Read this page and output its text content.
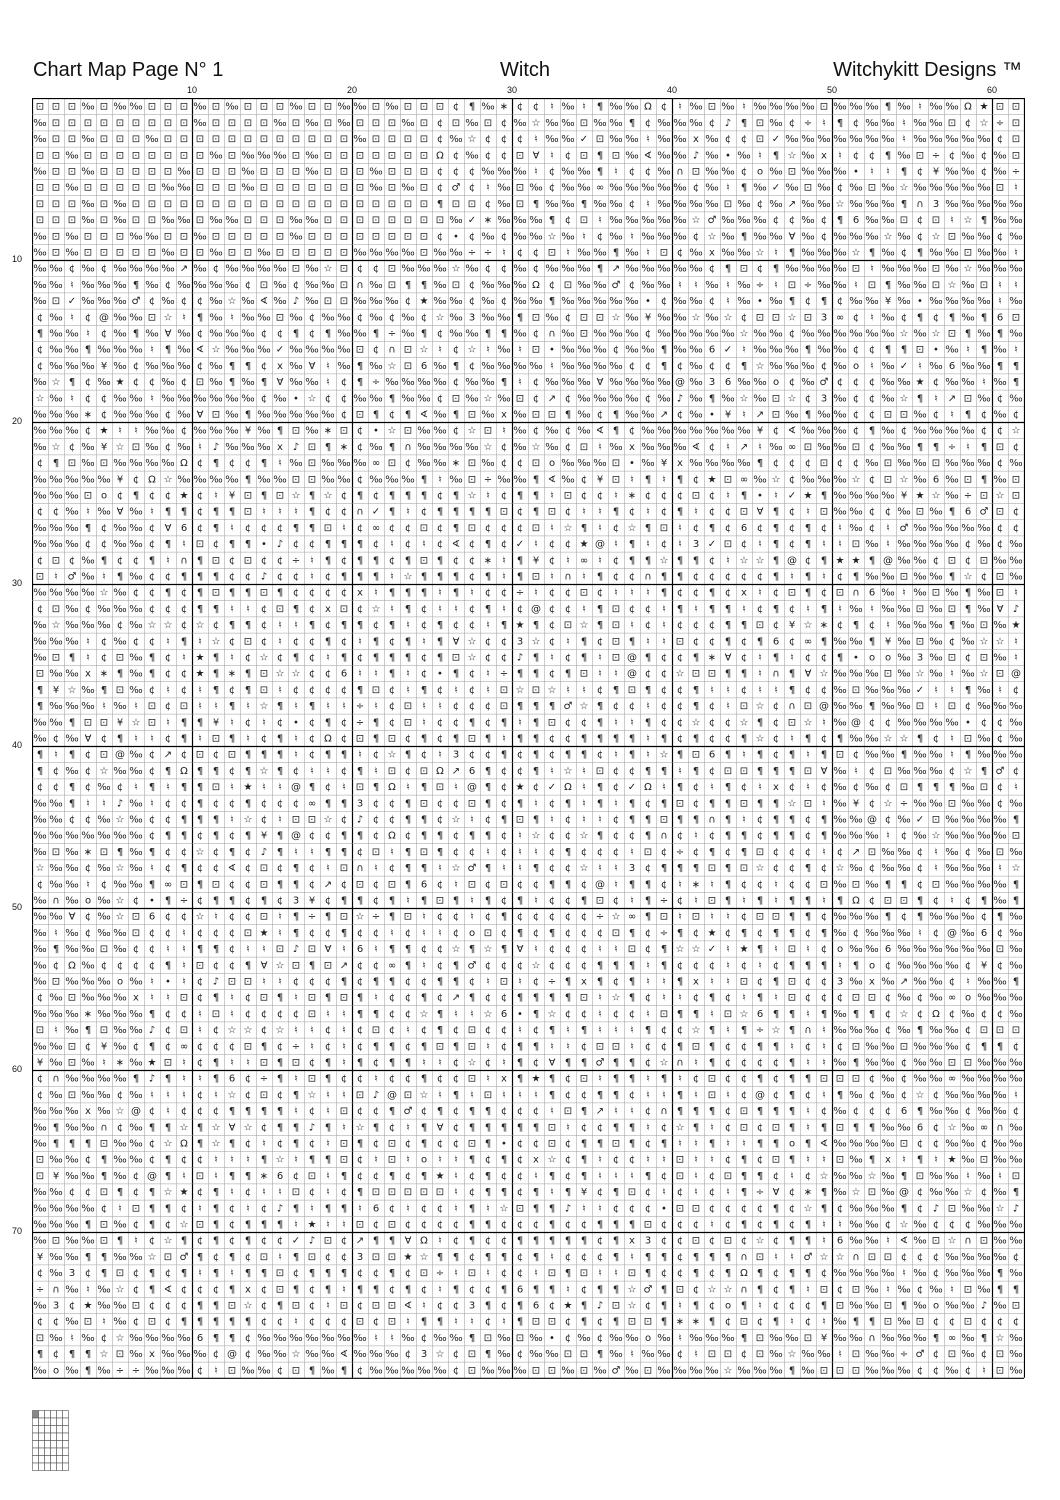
Chart Map Page N° 1	Witch	Witchykitt Designs ™
10	20	30	40	50	60
10
20
30
40
50
60
70
⊡ ⊡ ⊡ ‰ ⊡ ‰ ‰ ⊡ ⊡ ⊡ ‰ ⊡ ‰ ⊡ ⊡ ⊡ ‰ ⊡ ⊡ ‰ ‰ ⊡ ‰ ⊡ ⊡ ⊡ ¢ ¶ ‰ ∗ ¢ ¢ ♮ ‰ ♮ ¶ ‰ ‰ Ω ¢ ♮ ‰ ⊡ ‰ ♮ ‰ ‰ ‰ ‰ ⊡ ‰ ‰ ‰ ¶ ‰ ♮ ‰ ‰ Ω ★ ⊡ ⊡
‰ ⊡ ⊡ ⊡ ⊡ ⊡ ⊡ ⊡ ⊡ ⊡ ‰ ⊡ ⊡ ⊡ ⊡ ‰ ⊡ ‰ ⊡ ‰ ⊡ ⊡ ⊡ ‰ ⊡ ¢ ⊡ ‰ ⊡ ¢ ‰ ☆ ‰ ‰ ⊡ ‰ ‰ ¶ ¢ ‰ ‰ ‰ ¢ ♪ ¶ ⊡ ‰ ¢ ÷ ♮ ¶ ¢ ‰ ‰ ♮ ‰ ‰ ⊡ ¢ ☆ ÷ ⊡
‰ ⊡ ⊡ ‰ ⊡ ⊡ ⊡ ‰ ⊡ ⊡ ⊡ ⊡ ⊡ ⊡ ⊡ ⊡ ⊡ ⊡ ⊡ ⊡ ‰ ⊡ ⊡ ⊡ ⊡ ¢ ‰ ☆ ¢ ¢ ¢ ♮ ‰ ‰ ✓ ⊡ ‰ ‰ ♮ ‰ ‰ x ‰ ¢ ¢ ⊡ ✓ ‰ ‰ ‰ ‰ ‰ ‰ ‰ ♮ ‰ ‰ ‰ ‰ ‰ ¢ ⊡
⊡ ⊡ ‰ ⊡ ⊡ ⊡ ⊡ ⊡ ⊡ ⊡ ⊡ ‰ ⊡ ‰ ‰ ‰ ⊡ ‰ ⊡ ⊡ ⊡ ⊡ ⊡ ⊡ ⊡ Ω ¢ ‰ ¢ ¢ ⊡ Ɐ ♮ ¢ ⊡ ¶ ⊡ ‰ ∢ ‰ ‰ ♪ ‰ • ‰ ♮ ¶ ☆ ‰ x ♮ ¢ ¢ ¶ ‰ ⊡ ÷ ¢ ‰ ¢ ‰ ⊡
‰ ⊡ ⊡ ‰ ⊡ ⊡ ⊡ ⊡ ⊡ ‰ ⊡ ⊡ ⊡ ‰ ⊡ ⊡ ⊡ ‰ ⊡ ⊡ ⊡ ‰ ⊡ ⊡ ⊡ ¢ ¢ ¢ ‰ ‰ ‰ ♮ ¢ ‰ ‰ ¶ ♮ ¢ ¢ ‰ ∩ ⊡ ‰ ‰ ¢ o ‰ ⊡ ‰ ‰ ‰ • ♮ ♮ ¶ ¢ ¥ ‰ ‰ ¢ ‰ ÷
⊡ ⊡ ‰ ⊡ ⊡ ⊡ ⊡ ⊡ ‰ ‰ ⊡ ⊡ ⊡ ‰ ⊡ ⊡ ⊡ ⊡ ⊡ ⊡ ⊡ ‰ ⊡ ‰ ⊡ ¢ ♂ ¢ ♮ ‰ ⊡ ‰ ¢ ‰ ‰ ∞ ‰ ‰ ‰ ‰ ‰ ¢ ‰ ♮ ¶ ‰ ✓ ‰ ⊡ ‰ ¢ ‰ ⊡ ‰ ☆ ‰ ‰ ‰ ‰ ‰ ⊡ ♮
⊡ ⊡ ⊡ ‰ ⊡ ‰ ⊡ ⊡ ⊡ ⊡ ⊡ ⊡ ⊡ ⊡ ⊡ ⊡ ⊡ ⊡ ⊡ ⊡ ⊡ ⊡ ⊡ ⊡ ⊡ ¶ ⊡ ⊡ ¢ ‰ ⊡ ¶ ‰ ‰ ¶ ‰ ‰ ¢ ♮ ‰ ‰ ‰ ‰ ⊡ ‰ ¢ ‰ ↗ ‰ ‰ ☆ ‰ ‰ ‰ ¶ ∩ 3 ‰ ‰ ‰ ‰ ‰
⊡ ⊡ ⊡ ‰ ⊡ ‰ ⊡ ⊡ ‰ ‰ ⊡ ‰ ‰ ⊡ ⊡ ⊡ ‰ ‰ ⊡ ⊡ ⊡ ⊡ ⊡ ⊡ ⊡ ⊡ ‰ ✓ ∗ ‰ ‰ ‰ ¶ ¢ ⊡ ♮ ‰ ‰ ‰ ‰ ‰ ☆ ♂ ‰ ‰ ‰ ¢ ¢ ‰ ¢ ¶ 6 ‰ ‰ ⊡ ¢ ⊡ ♮ ☆ ¶ ‰ ‰
‰ ⊡ ‰ ⊡ ⊡ ⊡ ‰ ‰ ⊡ ⊡ ‰ ⊡ ⊡ ⊡ ⊡ ⊡ ‰ ⊡ ⊡ ⊡ ⊡ ⊡ ⊡ ⊡ ⊡ ¢ • ¢ ‰ ¢ ‰ ‰ ☆ ‰ ♮ ¢ ‰ ♮ ‰ ‰ ‰ ¢ ☆ ‰ ¶ ‰ ‰ Ɐ ‰ ¢ ‰ ‰ ‰ ☆ ‰ ¢ ☆ ⊡ ‰ ‰ ¢ ‰
‰ ⊡ ‰ ⊡ ⊡ ⊡ ⊡ ⊡ ‰ ⊡ ⊡ ‰ ⊡ ⊡ ‰ ⊡ ⊡ ⊡ ⊡ ⊡ ‰ ‰ ‰ ‰ ⊡ ‰ ‰ ÷ ÷ ♮ ¢ ¢ ⊡ ♮ ‰ ‰ ¶ ‰ ♮ ⊡ ¢ ‰ x ‰ ‰ ☆ ♮ ¶ ‰ ‰ ‰ ☆ ¶ ‰ ¢ ¶ ‰ ‰ ⊡ ‰ ‰ ♮
‰ ‰ ¢ ‰ ¢ ‰ ‰ ‰ ‰ ↗ ‰ ¢ ‰ ‰ ‰ ‰ ⊡ ‰ ☆ ⊡ ¢ ¢ ⊡ ‰ ‰ ‰ ☆ ‰ ¢ ¢ ‰ ¢ ‰ ‰ ‰ ¶ ↗ ‰ ‰ ‰ ‰ ‰ ¢ ¶ ⊡ ¢ ¶ ‰ ‰ ‰ ‰ ⊡ ♮ ‰ ‰ ‰ ⊡ ‰ ☆ ‰ ‰ ‰
‰ ‰ ♮ ‰ ‰ ‰ ¶ ‰ ¢ ‰ ‰ ‰ ‰ ¢ ⊡ ‰ ¢ ‰ ‰ ⊡ ∩ ‰ ⊡ ¶ ¶ ‰ ⊡ ¢ ‰ ‰ ‰ Ω ¢ ⊡ ‰ ‰ ♂ ¢ ‰ ‰ ♮ ♮ ‰ ♮ ‰ ÷ ♮ ⊡ ÷ ‰ ‰ ♮ ⊡ ¶ ‰ ‰ ⊡ ☆ ‰ ⊡ ♮ ♮
‰ ⊡ ✓ ‰ ‰ ‰ ♂ ¢ ‰ ¢ ¢ ‰ ☆ ‰ ∢ ‰ ♪ ‰ ⊡ ⊡ ‰ ‰ ‰ ¢ ★ ‰ ‰ ¢ ‰ ¢ ‰ ‰ ¶ ‰ ‰ ‰ ‰ ‰ • ¢ ‰ ‰ ¢ ♮ ‰ • ‰ ¶ ¢ ¶ ¢ ‰ ‰ ¥ ‰ • ‰ ‰ ‰ ‰ ♮ ‰
¢ ‰ ♮ ¢ @ ‰ ‰ ⊡ ☆ ♮ ¶ ‰ ♮ ‰ ‰ ⊡ ‰ ¢ ‰ ‰ ¢ ‰ ¢ ‰ ¢ ☆ ‰ 3 ‰ ‰ ¶ ⊡ ‰ ¢ ⊡ ⊡ ☆ ‰ ¥ ‰ ‰ ☆ ‰ ☆ ¢ ⊡ ⊡ ☆ ⊡ 3 ∞ ¢ ♮ ‰ ¢ ¶ ¢ ¶ ‰ ¶ 6 ⊡
¶ ‰ ‰ ♮ ¢ ‰ ¶ ‰ Ɐ ‰ ¢ ‰ ‰ ‰ ¢ ¢ ¶ ¢ ¶ ‰ ‰ ¶ ÷ ‰ ¶ ¢ ‰ ‰ ¶ ¶ ‰ ¢ ∩ ‰ ⊡ ‰ ‰ ‰ ¢ ‰ ‰ ‰ ‰ ‰ ☆ ‰ ‰ ¢ ‰ ‰ ‰ ‰ ‰ ‰ ☆ ‰ ☆ ⊡ ¶ ‰ ¶ ‰
¢ ‰ ‰ ¶ ‰ ‰ ‰ ♮ ¶ ‰ ∢ ☆ ‰ ‰ ‰ ✓ ‰ ‰ ‰ ‰ ⊡ ¢ ∩ ⊡ ☆ ♮ ¢ ☆ ♮ ‰ ♮ ⊡ • ‰ ‰ ‰ ¢ ‰ ‰ ¶ ‰ ‰ 6 ✓ ♮ ‰ ‰ ‰ ¶ ‰ ‰ ¢ ¢ ¶ ¶ ⊡ • ‰ ♮ ¶ ‰ ♮
¢ ‰ ‰ ‰ ¥ ‰ ¢ ‰ ‰ ‰ ¢ ‰ ¶ ¶ ¢ x ‰ Ɐ ♮ ‰ ¶ ‰ ☆ ⊡ 6 ‰ ¶ ¢ ‰ ‰ ‰ ‰ ♮ ‰ ‰ ‰ ‰ ¢ ¢ ¶ ¢ ‰ ¢ ¢ ¶ ☆ ‰ ‰ ‰ ¢ ‰ o ♮ ‰ ✓ ♮ ‰ 6 ‰ ‰ ¶ ¶
‰ ☆ ¶ ¢ ‰ ★ ¢ ¢ ‰ ¢ ⊡ ‰ ¶ ‰ ¶ Ɐ ‰ ‰ ♮ ¢ ¶ ÷ ‰ ‰ ‰ ‰ ¢ ‰ ‰ ¶ ♮ ¢ ‰ ‰ ‰ Ɐ ‰ ‰ ‰ ‰ @ ‰ 3 6 ‰ ‰ o ¢ ‰ ♂ ¢ ¢ ¢ ‰ ‰ ★ ¢ ‰ ‰ ♮ ‰ ¶
☆ ‰ ♮ ¢ ¢ ‰ ‰ ♮ ‰ ‰ ‰ ‰ ‰ ‰ ¢ ‰ • ☆ ¢ ¢ ‰ ‰ ¶ ‰ ‰ ¢ ⊡ ‰ ☆ ‰ ⊡ ¢ ↗ ¢ ‰ ‰ ‰ ‰ ¢ ‰ ♪ ‰ ¶ ‰ ☆ ‰ ⊡ ☆ ¢ 3 ‰ ¢ ¢ ‰ ☆ ¶ ♮ ↗ ⊡ ‰ ¢ ‰
‰ ‰ ‰ ∗ ¢ ‰ ‰ ‰ ¢ ‰ Ɐ ⊡ ‰ ¶ ‰ ‰ ‰ ‰ ‰ ¢ ⊡ ¶ ¢ ¶ ∢ ‰ ¶ ⊡ ‰ x ‰ ⊡ ⊡ ¶ ‰ ¢ ¶ ‰ ‰ ↗ ¢ ‰ • ¥ ♮ ↗ ⊡ ‰ ¶ ‰ ‰ ¢ ¢ ⊡ ⊡ ‰ ¢ ♮ ¶ ¢ ‰ ¢
‰ ‰ ‰ ¢ ★ ♮ ♮ ‰ ‰ ¢ ‰ ‰ ‰ ¥ ‰ ¶ ⊡ ‰ ∗ ⊡ ¢ • ☆ ⊡ ‰ ‰ ¢ ☆ ⊡ ♮ ‰ ¢ ‰ ¢ ‰ ∢ ¶ ¢ ‰ ‰ ‰ ‰ ‰ ‰ ‰ ¥ ¢ ∢ ‰ ‰ ‰ ¢ ¶ ‰ ¢ ‰ ‰ ‰ ‰ ¢ ¢ ☆
‰ ☆ ¢ ‰ ¥ ☆ ⊡ ‰ ¢ ‰ ♮ ♪ ‰ ‰ ‰ x ♪ ⊡ ¶ ∗ ¢ ‰ ¶ ∩ ‰ ‰ ‰ ‰ ☆ ¢ ‰ ☆ ‰ ¢ ⊡ ♮ ‰ x ‰ ‰ ‰ ∢ ¢ ♮ ↗ ♮ ‰ ∞ ⊡ ‰ ‰ ⊡ ¢ ‰ ‰ ¶ ¶ ÷ ♮ ¶ ⊡ ¢
¢ ¶ ⊡ ‰ ⊡ ‰ ‰ ‰ ‰ Ω ¢ ¶ ¢ ¢ ¶ ♮ ‰ ⊡ ‰ ‰ ‰ ∞ ⊡ ¢ ‰ ‰ ∗ ⊡ ‰ ¢ ¢ ⊡ o ‰ ‰ ‰ ⊡ • ‰ ¥ x ‰ ‰ ‰ ‰ ¶ ¢ ¢ ¢ ⊡ ¢ ¢ ‰ ⊡ ‰ ‰ ⊡ ‰ ‰ ‰ ¢ ‰
‰ ‰ ‰ ‰ ‰ ¥ ¢ Ω ☆ ‰ ‰ ‰ ‰ ¶ ‰ ‰ ⊡ ⊡ ‰ ‰ ¢ ‰ ‰ ‰ ¶ ♮ ‰ ⊡ ÷ ‰ ‰ ¶ ∢ ‰ ¢ ¥ ⊡ ♮ ¶ ♮ ¶ ¢ ★ ⊡ ∞ ‰ ☆ ¢ ‰ ‰ ‰ ☆ ¢ ⊡ ☆ ‰ 6 ‰ ⊡ ¶ ‰ ⊡
‰ ‰ ‰ ⊡ o ¢ ¶ ¢ ¢ ★ ¢ ♮ ¥ ⊡ ¶ ⊡ ☆ ¶ ☆ ¢ ¶ ¢ ¶ ¶ ¶ ¢ ¶ ☆ ♮ ¢ ¶ ¶ ♮ ⊡ ¢ ¢ ♮ ∗ ¢ ¢ ¢ ⊡ ¢ ♮ ¶ • ♮ ✓ ★ ¶ ‰ ‰ ‰ ‰ ¥ ★ ☆ ‰ ÷ ⊡ ☆ ⊡
¢ ¢ ‰ ♮ ‰ Ɐ ‰ ♮ ¶ ¶ ¢ ¶ ¶ ⊡ ♮ ♮ ♮ ¶ ¢ ¢ ∩ ✓ ¶ ♮ ¢ ¶ ¶ ¶ ¶ ⊡ ¢ ¶ ⊡ ¢ ♮ ♮ ¶ ¢ ♮ ¢ ¶ ♮ ¢ ¢ ⊡ Ɐ ¶ ¢ ♮ ⊡ ‰ ‰ ¢ ¢ ‰ ⊡ ‰ ¶ 6 ♂ ⊡ ¢
‰ ‰ ‰ ¶ ¢ ‰ ‰ ¢ Ɐ 6 ¢ ¶ ♮ ¢ ¢ ¢ ¶ ¶ ⊡ ♮ ¢ ∞ ¢ ¢ ⊡ ¢ ¶ ⊡ ¢ ¢ ¢ ⊡ ♮ ☆ ¶ ♮ ¢ ☆ ¶ ⊡ ♮ ¢ ¶ ¢ 6 ¢ ¶ ¢ ¶ ¢ ♮ ‰ ¢ ♮ ♂ ‰ ‰ ‰ ‰ ‰ ¢ ¢
‰ ‰ ‰ ¢ ¢ ‰ ‰ ¢ ¶ ♮ ⊡ ¢ ¶ ¶ • ♪ ¢ ¢ ¶ ¶ ¶ ¢ ♮ ¢ ♮ ¢ ∢ ¢ ¶ ¢ ✓ ♮ ¢ ¢ ★ @ ♮ ¶ ♮ ¢ ♮ 3 ✓ ⊡ ¢ ♮ ¶ ¢ ¶ ♮ ♮ ⊡ ‰ ♮ ‰ ‰ ‰ ‰ ¢ ‰ ¢ ‰
¢ ⊡ ¢ ‰ ¶ ¢ ¢ ¶ ♮ ∩ ¶ ⊡ ¢ ⊡ ¢ ¢ ÷ ♮ ¶ ¢ ¶ ¶ ¢ ¶ ⊡ ¶ ¢ ¢ ∗ ♮ ¶ ¥ ¢ ♮ ∞ ♮ ¢ ¶ ¶ ☆ ¶ ¶ ¢ ♮ ☆ ☆ ¶ @ ¢ ¶ ★ ★ ¶ @ ‰ ‰ ¢ ⊡ ¢ ⊡ ‰ ‰
⊡ ♮ ♂ ‰ ♮ ¶ ‰ ¢ ¢ ¶ ¶ ¶ ¢ ¢ ♪ ¢ ¢ ♮ ¢ ¶ ¶ ¶ ♮ ☆ ¶ ¶ ¶ ¢ ¶ ♮ ¶ ⊡ ♮ ∩ ♮ ¶ ¢ ¢ ∩ ¶ ¶ ¢ ¢ ¢ ¢ ¢ ¶ ♮ ¶ ♮ ¢ ¶ ‰ ‰ ⊡ ‰ ‰ ¶ ☆ ¢ ⊡ ‰
‰ ‰ ‰ ‰ ☆ ‰ ¢ ¢ ¶ ¢ ¶ ⊡ ¶ ¶ ⊡ ¶ ¢ ¢ ¢ ¢ x ♮ ¶ ¶ ¶ ♮ ¶ ♮ ¢ ¢ ÷ ♮ ¢ ¢ ⊡ ¢ ♮ ♮ ♮ ¶ ¢ ¢ ¶ ¢ x ♮ ¢ ⊡ ¶ ¢ ⊡ ∩ 6 ‰ ♮ ‰ ⊡ ‰ ¶ ‰ ⊡ ♮
¢ ⊡ ‰ ¢ ‰ ‰ ‰ ¢ ¢ ¢ ¶ ¶ ♮ ♮ ¢ ⊡ ¶ ¢ x ⊡ ¢ ☆ ♮ ¶ ¢ ♮ ♮ ¢ ¶ ♮ ¢ @ ¢ ¢ ♮ ¶ ⊡ ¢ ¢ ♮ ¶ ♮ ¶ ¶ ♮ ¢ ¶ ¢ ♮ ¶ ♮ ‰ ♮ ‰ ‰ ⊡ ‰ ⊡ ¶ ‰ Ɐ ♪
‰ ☆ ‰ ‰ ‰ ¢ ‰ ☆ ☆ ¢ ☆ ¢ ¶ ¶ ¢ ♮ ♮ ¶ ¢ ¶ ¶ ¢ ¶ ♮ ¢ ¶ ¢ ¢ ♮ ¶ ★ ¶ ¢ ⊡ ☆ ¶ ⊡ ♮ ¢ ♮ ¢ ¢ ¢ ¶ ¶ ⊡ ¢ ¥ ☆ ∗ ¢ ¶ ¢ ♮ ‰ ‰ ‰ ¶ ‰ ⊡ ‰ ★
‰ ‰ ‰ ♮ ¢ ‰ ¢ ¢ ♮ ¶ ♮ ☆ ¢ ⊡ ¢ ♮ ¢ ¢ ¶ ¢ ♮ ¶ ¢ ¶ ♮ ¶ Ɐ ☆ ¢ ¢ 3 ☆ ¢ ♮ ¶ ¢ ⊡ ¶ ♮ ♮ ⊡ ¢ ¢ ¶ ¢ ¶ 6 ¢ ∞ ¶ ‰ ‰ ¶ ¥ ‰ ⊡ ‰ ¢ ‰ ☆ ☆ ♮
‰ ⊡ ¶ ♮ ¢ ⊡ ‰ ¶ ¢ ♮ ★ ¶ ♮ ¢ ☆ ¢ ¶ ¢ ♮ ¶ ¢ ¶ ¶ ¶ ¢ ¶ ⊡ ☆ ¢ ¢ ♪ ¶ ♮ ¢ ¶ ♮ ⊡ @ ¶ ¢ ¢ ¶ ∗ Ɐ ¢ ♮ ¶ ♮ ¢ ¢ ¶ • o o ‰ 3 ‰ ⊡ ¢ ⊡ ‰ ♮
⊡ ‰ ‰ x ∗ ¶ ‰ ¶ ¢ ¢ ★ ¶ ∗ ¶ ⊡ ☆ ☆ ¢ ¢ 6 ♮ ♮ ¶ ♮ ¢ • ¶ ¢ ♮ ÷ ¶ ¶ ¢ ¶ ⊡ ♮ ♮ @ ¢ ¢ ☆ ⊡ ⊡ ¶ ¶ ♮ ∩ ¶ Ɐ ☆ ‰ ‰ ‰ ⊡ ‰ ☆ ‰ ♮ ‰ ☆ ⊡ @
¶ ¥ ☆ ‰ ¶ ⊡ ‰ ¢ ♮ ¢ ♮ ¶ ¢ ¶ ⊡ ♮ ¢ ¢ ¢ ¢ ¶ ⊡ ¢ ♮ ¶ ¢ ♮ ¢ ♮ ⊡ ☆ ⊡ ☆ ♮ ♮ ¢ ¶ ⊡ ¶ ¢ ¢ ¶ ♮ ♮ ¢ ♮ ♮ ¶ ¢ ¢ ‰ ⊡ ‰ ‰ ‰ ✓ ♮ ♮ ¶ ‰ ♮ ¢
¶ ‰ ‰ ‰ ♮ ‰ ♮ ⊡ ¢ ⊡ ♮ ♮ ¶ ♮ ☆ ¶ ♮ ¶ ♮ ♮ ÷ ♮ ¢ ⊡ ♮ ♮ ¢ ¢ ¢ ⊡ ¶ ¶ ¶ ♂ ☆ ¶ ¢ ¢ ♮ ¢ ¢ ¶ ¢ ♮ ⊡ ☆ ¢ ∩ ⊡ @ ‰ ‰ ¶ ‰ ‰ ⊡ ♮ ⊡ ¢ ‰ ‰ ‰
‰ ‰ ¶ ⊡ ⊡ ¥ ☆ ⊡ ♮ ¶ ¶ ¥ ♮ ¢ ♮ ¢ • ¢ ¶ ¢ ÷ ¶ ¢ ⊡ ♮ ¢ ¢ ¶ ¢ ¶ ♮ ¶ ⊡ ¢ ¢ ¶ ♮ ♮ ¶ ¢ ¢ ☆ ¢ ¢ ☆ ¶ ¢ ⊡ ☆ ♮ ‰ @ ¢ ¢ ‰ ‰ ‰ ‰ • ¢ ¢ ‰
‰ ¢ ‰ Ɐ ¢ ¶ ♮ ♮ ¢ ¶ ♮ ⊡ ¶ ♮ ¢ ¶ ♮ ¢ Ω ¢ ⊡ ¶ ⊡ ¢ ¶ ¢ ¶ ⊡ ¶ ♮ ¶ ¶ ¢ ¢ ¶ ¶ ¶ ¶ ♮ ¶ ¢ ¶ ¢ ¢ ¶ ☆ ¢ ♮ ¶ ¢ ¶ ‰ ‰ ☆ ☆ ¶ ¢ ♮ ⊡ ‰ ¢ ‰
¶ ♮ ¶ ¢ ⊡ @ ‰ ¢ ↗ ¢ ⊡ ¢ ⊡ ¶ ¶ ¶ ♮ ¢ ¶ ¶ ♮ ¢ ☆ ¶ ¢ ♮ 3 ¢ ¢ ¶ ¢ ¶ ¢ ¶ ¶ ¢ ♮ ¶ ♮ ☆ ¶ ⊡ 6 ¶ ♮ ¶ ¢ ¶ ♮ ¶ ⊡ ¢ ‰ ‰ ¶ ‰ ‰ ♮ ¶ ‰ ‰ ‰
¶ ¢ ‰ ¢ ☆ ‰ ‰ ¢ ¶ Ω ¶ ¶ ¢ ¶ ☆ ¶ ¢ ♮ ♮ ¢ ¶ ♮ ⊡ ¢ ⊡ Ω ↗ 6 ¶ ¢ ¢ ¶ ♮ ☆ ♮ ⊡ ¢ ¢ ¶ ¶ ♮ ¶ ¢ ⊡ ⊡ ¶ ¶ ¶ ⊡ Ɐ ‰ ♮ ¢ ⊡ ‰ ‰ ‰ ¢ ☆ ¶ ♂ ¢
¢ ¢ ¶ ¢ ‰ ¢ ♮ ¶ ♮ ¶ ¶ ⊡ ♮ ★ ♮ ♮ @ ¶ ¢ ♮ ⊡ ¶ Ω ♮ ¶ ⊡ ♮ @ ¶ ¢ ★ ¢ ✓ Ω ♮ ¶ ¢ ✓ Ω ♮ ¶ ¢ ♮ ¶ ¢ ♮ x ¢ ♮ ¢ ‰ ¢ ‰ ¢ ⊡ ¶ ¶ ¶ ‰ ⊡ ¢ ♮
‰ ‰ ¶ ♮ ♮ ♪ ‰ ♮ ¢ ¢ ¶ ¢ ¢ ¶ ¢ ¢ ¢ ∞ ¶ ¶ 3 ¢ ¢ ¶ ⊡ ¢ ¢ ⊡ ¶ ¢ ¶ ♮ ¢ ¶ ♮ ¶ ♮ ¶ ¢ ¶ ⊡ ¢ ¶ ¶ ⊡ ¶ ¶ ☆ ⊡ ♮ ‰ ¥ ¢ ☆ ÷ ‰ ‰ ⊡ ‰ ‰ ¢ ‰
‰ ‰ ¢ ¢ ‰ ☆ ‰ ¢ ¢ ¶ ¶ ¶ ♮ ☆ ¢ ♮ ⊡ ⊡ ☆ ¢ ♪ ¢ ¢ ¶ ¶ ¢ ☆ ♮ ¢ ¶ ⊡ ¶ ♮ ¢ ♮ ♮ ¢ ¶ ¶ ⊡ ¶ ¶ ∩ ¶ ♮ ¢ ¶ ¶ ¢ ¶ ‰ ‰ @ ¢ ‰ ✓ ⊡ ‰ ‰ ‰ ‰ ¶
‰ ‰ ‰ ‰ ‰ ‰ ‰ ¢ ¶ ¶ ¢ ¶ ¢ ¶ ¥ ¶ @ ¢ ¢ ¶ ¶ ¢ Ω ¢ ¶ ¶ ¢ ¶ ¶ ¢ ♮ ☆ ¢ ¢ ☆ ¶ ¢ ¢ ¶ ∩ ¢ ♮ ¢ ¶ ¶ ¢ ¶ ¶ ¢ ¶ ‰ ‰ ‰ ♮ ¢ ‰ ☆ ‰ ‰ ‰ ‰ ⊡
‰ ⊡ ‰ ∗ ⊡ ¶ ‰ ¶ ¢ ¢ ☆ ¢ ¶ ¢ ♪ ¶ ♮ ♮ ¶ ¶ ¢ ⊡ ♮ ¶ ⊡ ¶ ¢ ¢ ♮ ¢ ♮ ♮ ¢ ¶ ¢ ¢ ¢ ♮ ⊡ ¢ ÷ ¢ ¶ ¢ ¶ ⊡ ¢ ¢ ¢ ♮ ¢ ↗ ⊡ ‰ ‰ ¢ ♮ ‰ ¢ ‰ ⊡ ‰
☆ ‰ ‰ ¢ ‰ ☆ ‰ ♮ ¢ ¶ ¢ ¢ ∢ ¢ ⊡ ¢ ¶ ¢ ♮ ⊡ ∩ ♮ ¢ ¶ ¶ ♮ ☆ ♂ ¶ ♮ ♮ ¶ ¢ ¢ ☆ ♮ ♮ 3 ¢ ¶ ¶ ¶ ⊡ ¶ ⊡ ☆ ¢ ¢ ¶ ¢ ☆ ‰ ¢ ‰ ‰ ¢ ♮ ‰ ‰ ‰ ♮ ☆
¢ ‰ ‰ ♮ ¢ ‰ ‰ ¶ ∞ ⊡ ¶ ⊡ ¢ ¢ ⊡ ¶ ¶ ¢ ↗ ¢ ⊡ ¢ ⊡ ¶ 6 ¢ ♮ ⊡ ¢ ⊡ ¢ ¢ ¶ ¶ ¢ @ ♮ ¶ ¶ ¢ ♮ ∗ ♮ ¶ ¢ ¢ ♮ ¢ ¢ ⊡ ‰ ⊡ ‰ ¶ ¶ ¢ ⊡ ‰ ‰ ‰ ‰ ¶
‰ ∩ ‰ o ‰ ☆ ¢ • ¶ ÷ ¢ ¶ ¶ ¢ ¶ ¢ 3 ¥ ¢ ¶ ¶ ¢ ¶ ♮ ¶ ⊡ ¶ ♮ ¶ ¢ ¶ ♮ ¢ ¢ ¶ ⊡ ¢ ♮ ¶ ÷ ¢ ♮ ⊡ ¶ ♮ ¶ ♮ ¶ ¶ ♮ ¶ Ω ¢ ⊡ ⊡ ¶ ¢ ♮ ¢ ¶ ‰ ¶
‰ ‰ Ɐ ¢ ‰ ☆ ⊡ 6 ¢ ¢ ☆ ♮ ¢ ¢ ⊡ ♮ ¶ ÷ ¶ ⊡ ☆ ÷ ¶ ⊡ ♮ ¢ ¢ ♮ ¢ ¶ ¢ ¢ ¢ ¢ ¢ ÷ ☆ ∞ ¶ ⊡ ♮ ⊡ ♮ ♮ ¢ ⊡ ⊡ ¶ ¶ ¢ ‰ ‰ ‰ ¶ ¢ ¶ ‰ ‰ ‰ ¢ ¶ ‰
‰ ♮ ‰ ¢ ‰ ‰ ⊡ ¢ ¢ ♮ ¢ ¢ ¢ ⊡ ★ ♮ ¶ ¢ ¢ ¶ ¢ ¢ ♮ ¢ ♮ ♮ ¢ o ⊡ ¢ ¶ ¢ ¶ ¢ ¢ ¢ ⊡ ¶ ¢ ÷ ¶ ¢ ★ ¢ ¶ ¢ ¶ ¶ ¢ ¶ ‰ ¢ ‰ ‰ ‰ ♮ ¢ @ ‰ 6 ¢ ‰
‰ ¶ ‰ ‰ ⊡ ‰ ¢ ¢ ♮ ♮ ¶ ¶ ¢ ♮ ♮ ⊡ ♪ ⊡ Ɐ ♮ 6 ♮ ¶ ¶ ¢ ¢ ☆ ¶ ☆ ¶ Ɐ ♮ ¢ ¢ ¢ ♮ ♮ ⊡ ¢ ¶ ☆ ☆ ✓ ♮ ★ ¶ ♮ ⊡ ♮ ¢ o ‰ ‰ 6 ‰ ‰ ‰ ‰ ‰ ‰ ⊡ ‰
‰ ¢ Ω ‰ ¢ ¢ ¢ ¢ ¶ ♮ ⊡ ¢ ¢ ¶ Ɐ ☆ ⊡ ¶ ⊡ ↗ ¢ ¢ ∞ ¶ ♮ ¢ ¶ ♂ ¢ ¢ ¢ ☆ ¢ ¢ ¢ ¶ ¶ ¶ ♮ ¶ ¢ ¢ ¢ ♮ ¢ ♮ ¢ ¶ ¶ ¶ ♮ ¶ o ¢ ‰ ‰ ‰ ‰ ¢ ¥ ¢ ‰
‰ ⊡ ‰ ‰ ‰ o ‰ ♮ • ♮ ¢ ♪ ⊡ ⊡ ♮ ♮ ¢ ¢ ¢ ¶ ¢ ¶ ¶ ¢ ¢ ¶ ¶ ¢ ♮ ⊡ ♮ ¢ ÷ ¶ x ¶ ¢ ¶ ♮ ♮ ¶ x ♮ ♮ ⊡ ¢ ¶ ⊡ ¢ ¢ 3 ‰ x ‰ ↗ ‰ ‰ ¢ ♮ ‰ ‰ ¶
¢ ‰ ⊡ ‰ ‰ ‰ x ♮ ♮ ⊡ ¢ ¶ ♮ ¢ ⊡ ¶ ♮ ⊡ ¶ ⊡ ¶ ♮ ¢ ¢ ¶ ¢ ↗ ¶ ¢ ¢ ¶ ¶ ¶ ¶ ⊡ ♮ ☆ ¶ ¢ ♮ ♮ ¢ ¶ ¢ ♮ ¶ ♮ ⊡ ¢ ¢ ¢ ⊡ ⊡ ¢ ‰ ¢ ‰ ∞ o ‰ ‰ ‰
‰ ‰ ‰ ∗ ‰ ‰ ‰ ¶ ¢ ¢ ♮ ⊡ ♮ ¢ ¢ ¢ ¢ ⊡ ♮ ♮ ¶ ¶ ¢ ¢ ☆ ¶ ♮ ♮ ☆ 6 • ¶ ☆ ¢ ¢ ♮ ¢ ¢ ♮ ⊡ ¶ ¶ ♮ ⊡ ☆ 6 ¶ ¶ ♮ ¶ ‰ ¶ ¶ ¢ ☆ ¢ Ω ¢ ‰ ¢ ¢ ‰
⊡ ♮ ‰ ¶ ⊡ ‰ ‰ ♪ ¢ ⊡ ♮ ¢ ☆ ☆ ¢ ☆ ♮ ♮ ¢ ♮ ¢ ⊡ ¢ ♮ ¢ ¶ ¢ ⊡ ¢ ¢ ♮ ¢ ¶ ♮ ¶ ♮ ♮ ♮ ¶ ¢ ¢ ☆ ¶ ♮ ¶ ÷ ☆ ¶ ∩ ♮ ‰ ‰ ‰ ¢ ‰ ¶ ‰ ‰ ¢ ⊡ ⊡ ⊡
‰ ‰ ⊡ ¢ ¥ ‰ ¢ ¶ ¢ ∞ ¢ ¢ ¢ ⊡ ¶ ¢ ÷ ♮ ¢ ♮ ¢ ¶ ¶ ¢ ¶ ⊡ ¶ ⊡ ♮ ¢ ¶ ¶ ♮ ♮ ¢ ⊡ ⊡ ♮ ¢ ¢ ¶ ⊡ ¶ ¢ ¢ ¶ ¶ ♮ ¢ ♮ ¢ ⊡ ‰ ‰ ⊡ ‰ ‰ ‰ ¢ ¶ ¶ ¢
¥ ‰ ⊡ ‰ ♮ ∗ ‰ ★ ⊡ ♮ ¢ ¶ ♮ ♮ ⊡ ¶ ⊡ ¢ ¶ ♮ ¶ ¢ ¶ ¶ ♮ ♮ ¢ ☆ ¢ ♮ ¶ ¢ Ɐ ¶ ¶ ♂ ¶ ¶ ¢ ☆ ∩ ♮ ¶ ¢ ¢ ¢ ¢ ¶ ♮ ♮ ‰ ¶ ‰ ‰ ¢ ‰ ‰ ⊡ ⊡ ‰ ‰ ‰
¢ ∩ ‰ ‰ ‰ ‰ ¶ ♪ ¶ ♮ ♮ ¶ 6 ¢ ÷ ¶ ♮ ⊡ ¶ ¢ ¢ ♮ ¢ ¢ ¶ ¢ ¢ ⊡ ♮ x ¶ ★ ¶ ¢ ⊡ ♮ ¶ ¶ ♮ ¶ ♮ ¢ ⊡ ¢ ¢ ¶ ¢ ¶ ¶ ⊡ ⊡ ⊡ ¢ ‰ ¢ ‰ ‰ ∞ ‰ ‰ ‰ ‰
¢ ‰ ⊡ ‰ ‰ ¢ ‰ ♮ ♮ ♮ ¢ ♮ ☆ ¢ ⊡ ¢ ¶ ☆ ♮ ♮ ⊡ ♪ @ ⊡ ☆ ♮ ¶ ♮ ⊡ ♮ ♮ ♮ ¶ ¢ ¢ ¶ ¶ ¢ ♮ ♮ ¶ ♮ ⊡ ♮ ¢ @ ¢ ¶ ¢ ♮ ¶ ‰ ¢ ‰ ¢ ☆ ¢ ‰ ‰ ‰ ‰ ♮
‰ ‰ ‰ x ‰ ☆ @ ¢ ♮ ¢ ¢ ¢ ¶ ¶ ¶ ¶ ♮ ¢ ♮ ⊡ ¢ ¢ ¶ ♂ ¢ ¶ ¢ ¶ ¶ ¢ ¢ ¢ ♮ ⊡ ¶ ↗ ♮ ♮ ¢ ∩ ¶ ¶ ¶ ¢ ⊡ ¶ ¶ ¶ ♮ ¢ ‰ ¢ ¢ ¢ 6 ¶ ‰ ‰ ¢ ‰ ‰ ¢
‰ ¶ ‰ ‰ ∩ ¢ ‰ ¶ ¶ ☆ ¶ ☆ Ɐ ☆ ¢ ¶ ¶ ♪ ¶ ♮ ☆ ¶ ¢ ♮ ¶ Ɐ ¢ ¶ ¶ ¶ ¶ ¶ ⊡ ♮ ¢ ¢ ¶ ¶ ♮ ¢ ☆ ¶ ♮ ¢ ⊡ ¢ ⊡ ¶ ♮ ¶ ⊡ ¶ ¶ ‰ ‰ 6 ¢ ☆ ‰ ∞ ∩ ‰
‰ ¶ ¶ ¶ ⊡ ‰ ‰ ¢ ☆ Ω ¶ ☆ ¶ ¢ ♮ ¢ ¶ ¢ ♮ ⊡ ¶ ¢ ⊡ ¢ ¶ ¢ ¢ ⊡ ¶ • ¢ ¢ ⊡ ¢ ¶ ¶ ⊡ ¶ ¢ ¶ ♮ ♮ ¶ ♮ ♮ ¶ ¶ o ¶ ∢ ‰ ‰ ‰ ‰ ⊡ ¢ ¢ ‰ ‰ ¢ ‰ ‰
⊡ ‰ ‰ ¢ ¶ ‰ ‰ ¢ ¶ ¢ ¢ ♮ ♮ ♮ ¶ ☆ ♮ ¶ ¶ ⊡ ¢ ♮ ⊡ ♮ o ♮ ♮ ¶ ¢ ¶ ¢ x ☆ ¢ ¶ ♮ ¢ ¢ ♮ ♮ ⊡ ♮ ♮ ¢ ¶ ¢ ⊡ ¶ ♮ ♮ ⊡ ‰ ¶ x ♮ ¶ ♮ ★ ‰ ⊡ ‰ ‰
⊡ ¥ ‰ ‰ ¶ ‰ ¢ @ ¶ ♮ ⊡ ♮ ¶ ¶ ∗ 6 ¢ ⊡ ♮ ¶ ¢ ¢ ¶ ¢ ¶ ★ ♮ ¢ ¶ ¢ ¢ ♮ ¶ ¢ ¶ ♮ ♮ ♮ ¶ ¢ ⊡ ♮ ¢ ⊡ ¶ ¶ ¢ ♮ ¢ ☆ ‰ ‰ ☆ ‰ ¶ ⊡ ‰ ‰ ♮ ‰ ♮ ⊡
‰ ‰ ¢ ¢ ⊡ ¶ ¢ ¶ ☆ ★ ¢ ¶ ♮ ¢ ♮ ♮ ⊡ ¢ ♮ ¢ ¶ ⊡ ⊡ ⊡ ⊡ ⊡ ♮ ¢ ¶ ¶ ¢ ¶ ♮ ¶ ¥ ¢ ¶ ⊡ ¢ ♮ ¢ ♮ ¢ ♮ ¶ ÷ Ɐ ¢ ∗ ¶ ‰ ☆ ⊡ ‰ @ ¢ ‰ ‰ ☆ ¢ ‰ ¶
‰ ‰ ‰ ‰ ¢ ♮ ⊡ ¶ ¶ ¢ ♮ ¶ ¢ ♮ ¢ ♪ ¶ ♮ ¶ ¶ ♮ 6 ¢ ♮ ¢ ¢ ♮ ¶ ♮ ☆ ⊡ ¶ ¶ ♪ ♮ ♮ ¢ ¢ ¢ • ⊡ ⊡ ¢ ¢ ¢ ¢ ¶ ¢ ☆ ¶ ¢ ‰ ‰ ‰ ¶ ¢ ♪ ⊡ ‰ ‰ ☆ ♪
‰ ‰ ‰ ¶ ⊡ ‰ ¢ ¶ ¢ ☆ ⊡ ¶ ¢ ¶ ¶ ¶ ♮ ★ ♮ ♮ ⊡ ¢ ⊡ ¢ ¢ ¢ ¢ ¶ ¶ ¢ ¢ ¢ ¶ ¢ ¢ ¶ ¶ ¶ ⊡ ¢ ¢ ¢ ♮ ¢ ¶ ¢ ¶ ¢ ¶ ♮ ♮ ‰ ‰ ¢ ☆ ‰ ¢ ¢ ¢ ‰ ‰ ‰
‰ ⊡ ‰ ‰ ⊡ ¶ ♮ ¢ ☆ ¶ ¢ ¶ ¢ ¶ ¢ ¢ ✓ ♪ ⊡ ¢ ↗ ¶ ¶ Ɐ Ω ♮ ¢ ¶ ¢ ¢ ¶ ¶ ¶ ¶ ¶ ¢ ¶ x 3 ¢ ¢ ⊡ ¢ ⊡ ¢ ☆ ¢ ¶ ¶ ♮ 6 ‰ ‰ ♮ ∢ ‰ ⊡ ☆ ∩ ⊡ ‰ ‰
¥ ‰ ‰ ¶ ¶ ‰ ‰ ☆ ⊡ ♂ ¶ ¢ ¶ ¢ ⊡ ♮ ¶ ⊡ ¢ ¢ 3 ⊡ ⊡ ★ ☆ ¶ ¶ ¢ ¶ ¶ ¢ ¶ ♮ ¢ ¢ ¢ ¶ ♮ ¶ ¶ ¢ ¶ ¶ ¶ ∩ ⊡ ♮ ♮ ♂ ☆ ☆ ∩ ⊡ ⊡ ¢ ¢ ¢ ‰ ‰ ‰ ‰ ¢
¢ ‰ 3 ¢ ¶ ⊡ ¢ ¶ ¢ ¶ ♮ ¶ ♮ ¶ ¶ ⊡ ¢ ¶ ¶ ¶ ¢ ¢ ¶ ¢ ⊡ ÷ ♮ ⊡ ♮ ¢ ¢ ♮ ⊡ ¶ ⊡ ♮ ♮ ⊡ ¶ ¢ ¢ ¶ ¢ ¶ Ω ¶ ¢ ¶ ¶ ¢ ‰ ‰ ‰ ‰ ♮ ‰ ¢ ‰ ‰ ‰ ¶ ‰
÷ ∩ ‰ ♮ ‰ ☆ ¢ ¶ ∢ ¢ ¢ ¢ ¶ x ¢ ⊡ ¶ ¢ ¶ ♮ ¶ ¶ ¢ ¶ ¢ ♮ ¶ ¢ ¢ ¶ 6 ¶ ¶ ♮ ¢ ¶ ¶ ☆ ♂ ¶ ⊡ ¢ ☆ ☆ ∩ ¶ ¢ ¶ ♮ ⊡ ¢ ⊡ ‰ ♮ ‰ ¢ ‰ ♮ ⊡ ‰ ¶ ¶
‰ 3 ¢ ★ ‰ ‰ ⊡ ¢ ¢ ¢ ¶ ¶ ⊡ ☆ ¢ ¶ ⊡ ¢ ♮ ⊡ ¢ ⊡ ⊡ ∢ ♮ ¢ ¢ 3 ¶ ¢ ¶ 6 ¢ ★ ¶ ♪ ⊡ ☆ ¢ ¶ ♮ ¶ ¢ o ¶ ♮ ¢ ¢ ¢ ¶ ⊡ ‰ ‰ ⊡ ¶ ‰ o ‰ ‰ ♪ ‰ ⊡
¢ ¢ ‰ ⊡ ♮ ‰ ¢ ⊡ ¢ ¶ ¶ ¶ ¶ ¶ ¢ ¢ ♮ ¢ ¢ ¢ ⊡ ¢ ⊡ ♮ ¶ ¶ ♮ ♮ ¢ ♮ ¶ ⊡ ⊡ ¢ ¶ ¢ ¶ ⊡ ⊡ ¶ ∗ ∗ ¶ ¢ ⊡ ¢ ¶ ♮ ¢ ♮ ‰ ¶ ¶ ⊡ ‰ ⊡ ¢ ¢ ⊡ ¢ ¢ ¢
⊡ ‰ ♮ ‰ ¢ ☆ ‰ ‰ ‰ ‰ 6 ¶ ¶ ¢ ‰ ‰ ‰ ‰ ‰ ‰ ‰ ♮ ♮ ‰ ¢ ‰ ‰ ¶ ⊡ ‰ ⊡ ‰ • ¢ ‰ ¢ ‰ ‰ o ‰ ♮ ‰ ‰ ‰ ¶ ⊡ ‰ ‰ ⊡ ¥ ‰ ‰ ∩ ‰ ‰ ‰ ¶ ∞ ‰ ¶ ☆ ‰
¶ ¢ ¶ ¶ ☆ ⊡ ‰ x ‰ ‰ ‰ ¢ @ ¢ ‰ ‰ ☆ ‰ ‰ ∢ ‰ ‰ ‰ ¢ 3 ☆ ¢ ⊡ ¶ ‰ ¢ ‰ ‰ ⊡ ⊡ ¶ ‰ ♮ ‰ ‰ ¢ ♮ ⊡ ⊡ ¢ ⊡ ‰ ☆ ‰ ‰ ♮ ⊡ ‰ ‰ ÷ ♂ ¢ ⊡ ‰ ¢ ⊡ ‰
‰ o ‰ ¶ ‰ ÷ ÷ ‰ ‰ ‰ ¢ ♮ ⊡ ‰ ‰ ¢ ⊡ ¶ ‰ ¶ ¢ ‰ ‰ ‰ ‰ ‰ ¢ ⊡ ‰ ‰ ‰ ⊡ ⊡ ‰ ⊡ ‰ ♂ ‰ ⊡ ‰ ‰ ‰ ‰ ☆ ‰ ‰ ‰ ¶ ‰ ⊡ ⊡ ⊡ ‰ ‰ ‰ ¢ ¢ ‰ ¢ ♮ ⊡ ‰
